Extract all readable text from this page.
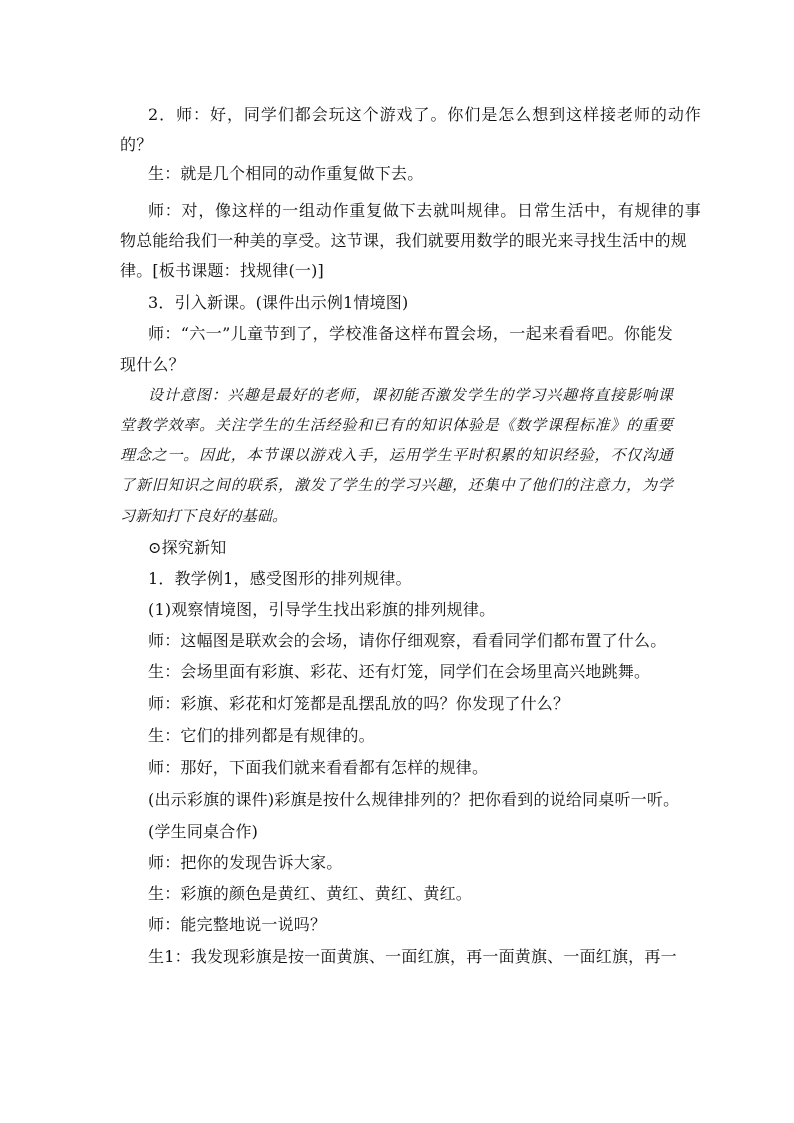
2．师：好，同学们都会玩这个游戏了。你们是怎么想到这样接老师的动作
的？
生：就是几个相同的动作重复做下去。
师：对，像这样的一组动作重复做下去就叫规律。日常生活中，有规律的事
物总能给我们一种美的享受。这节课，我们就要用数学的眼光来寻找生活中的规
律。[板书课题：找规律(一)]
3．引入新课。(课件出示例1情境图)
师：“六一”儿童节到了，学校准备这样布置会场，一起来看看吧。你能发
现什么？
设计意图：兴趣是最好的老师，课初能否激发学生的学习兴趣将直接影响课
堂教学效率。关注学生的生活经验和已有的知识体验是《数学课程标准》的重要
理念之一。因此，本节课以游戏入手，运用学生平时积累的知识经验，不仅沟通
了新旧知识之间的联系，激发了学生的学习兴趣，还集中了他们的注意力，为学
习新知打下良好的基础。
⊙探究新知
1．教学例1，感受图形的排列规律。
(1)观察情境图，引导学生找出彩旗的排列规律。
师：这幅图是联欢会的会场，请你仔细观察，看看同学们都布置了什么。
生：会场里面有彩旗、彩花、还有灯笼，同学们在会场里高兴地跳舞。
师：彩旗、彩花和灯笼都是乱摆乱放的吗？你发现了什么？
生：它们的排列都是有规律的。
师：那好，下面我们就来看看都有怎样的规律。
(出示彩旗的课件)彩旗是按什么规律排列的？把你看到的说给同桌听一听。
(学生同桌合作)
师：把你的发现告诉大家。
生：彩旗的颜色是黄红、黄红、黄红、黄红。
师：能完整地说一说吗？
生1：我发现彩旗是按一面黄旗、一面红旗，再一面黄旗、一面红旗，再一
